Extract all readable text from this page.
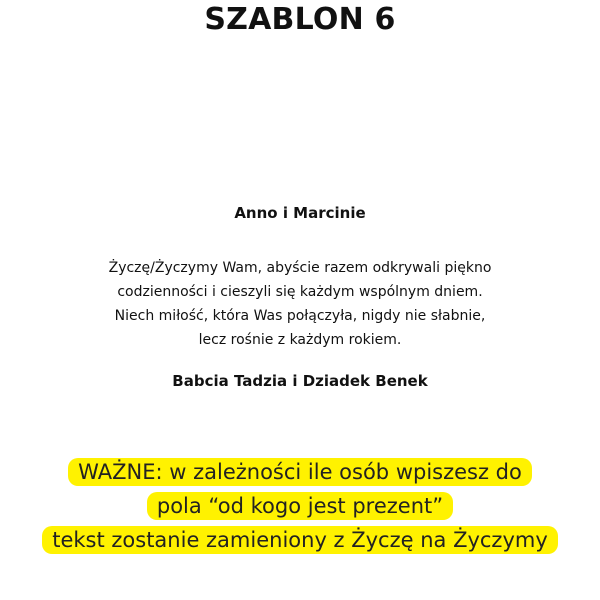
SZABLON 6
Anno i Marcinie
Życzę/Życzymy Wam, abyście razem odkrywali piękno
codzienności i cieszyli się każdym wspólnym dniem.
Niech miłość, która Was połączyła, nigdy nie słabnie,
lecz rośnie z każdym rokiem.
Babcia Tadzia i Dziadek Benek
WAŻNE: w zależności ile osób wpiszesz do
pola “od kogo jest prezent”
tekst zostanie zamieniony z Życzę na Życzymy
